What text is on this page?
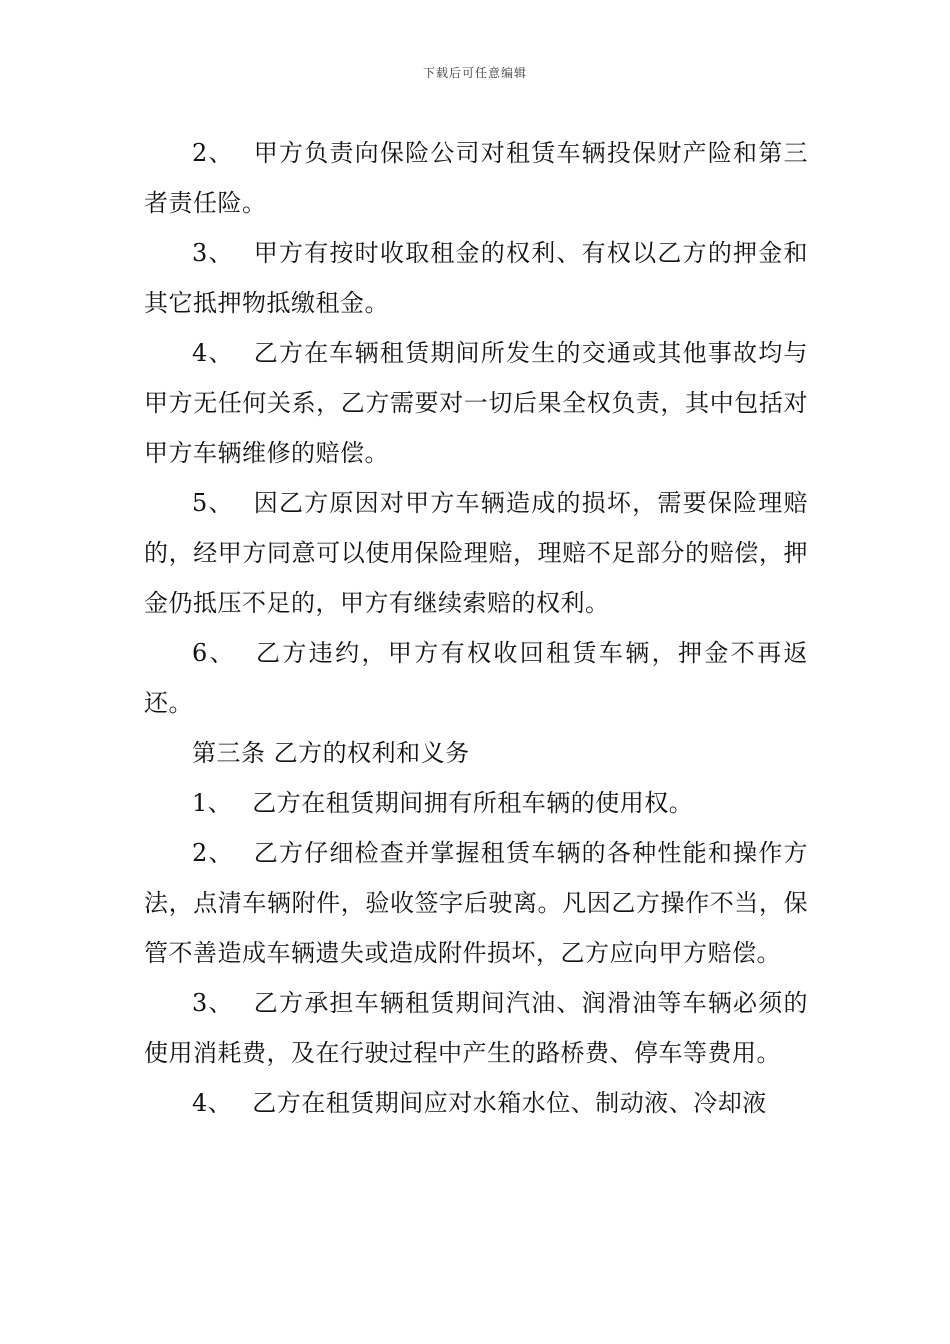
下载后可任意编辑

2、 甲方负责向保险公司对租赁车辆投保财产险和第三者责任险。

3、 甲方有按时收取租金的权利、有权以乙方的押金和其它抵押物抵缴租金。

4、 乙方在车辆租赁期间所发生的交通或其他事故均与甲方无任何关系，乙方需要对一切后果全权负责，其中包括对甲方车辆维修的赔偿。

5、 因乙方原因对甲方车辆造成的损坏，需要保险理赔的，经甲方同意可以使用保险理赔，理赔不足部分的赔偿，押金仍抵压不足的，甲方有继续索赔的权利。

6、 乙方违约，甲方有权收回租赁车辆，押金不再返还。

第三条 乙方的权利和义务

1、 乙方在租赁期间拥有所租车辆的使用权。

2、 乙方仔细检查并掌握租赁车辆的各种性能和操作方法，点清车辆附件，验收签字后驶离。凡因乙方操作不当，保管不善造成车辆遗失或造成附件损坏，乙方应向甲方赔偿。

3、 乙方承担车辆租赁期间汽油、润滑油等车辆必须的使用消耗费，及在行驶过程中产生的路桥费、停车等费用。

4、 乙方在租赁期间应对水箱水位、制动液、冷却液
